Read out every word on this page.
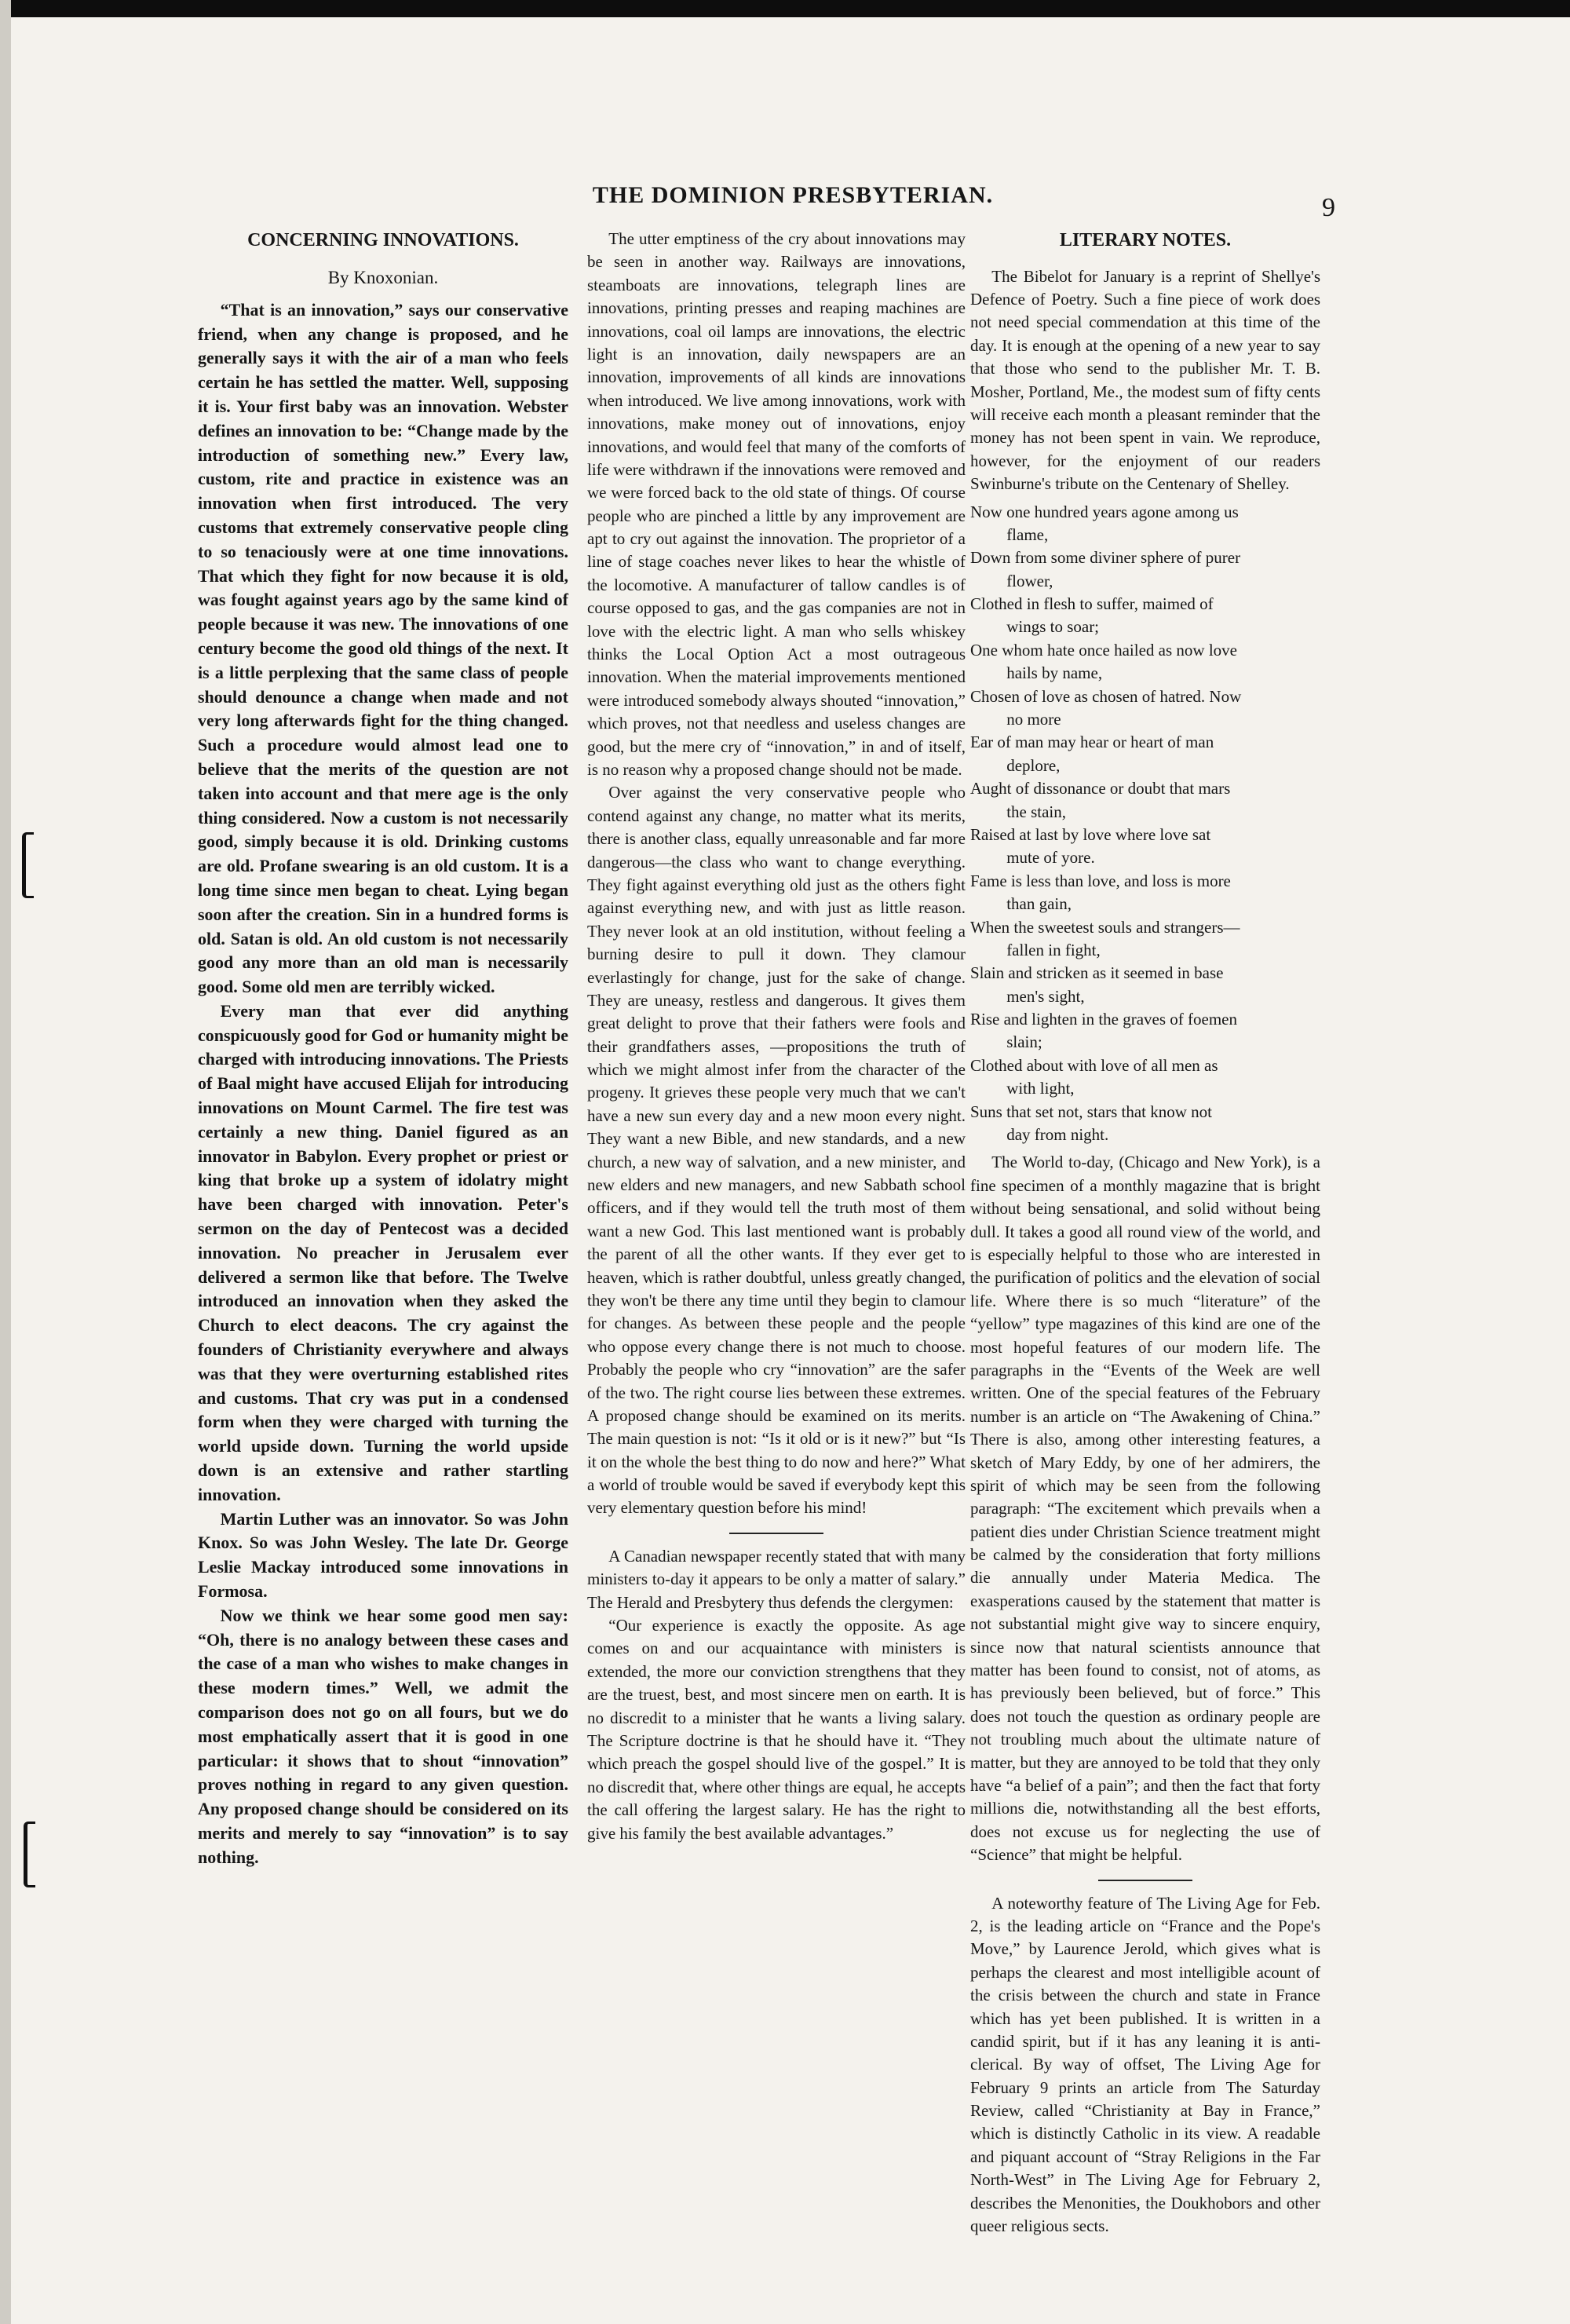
THE DOMINION PRESBYTERIAN.	9
CONCERNING INNOVATIONS.
By Knoxonian.

“That is an innovation,” says our conservative friend, when any change is proposed, and he generally says it with the air of a man who feels certain he has settled the matter. Well, supposing it is. Your first baby was an innovation. Webster defines an innovation to be: “Change made by the introduction of something new.” Every law, custom, rite and practice in existence was an innovation when first introduced. The very customs that extremely conservative people cling to so tenaciously were at one time innovations. That which they fight for now because it is old, was fought against years ago by the same kind of people because it was new. The innovations of one century become the good old things of the next. It is a little perplexing that the same class of people should denounce a change when made and not very long afterwards fight for the thing changed. Such a procedure would almost lead one to believe that the merits of the question are not taken into account and that mere age is the only thing considered. Now a custom is not necessarily good, simply because it is old. Drinking customs are old. Profane swearing is an old custom. It is a long time since men began to cheat. Lying began soon after the creation. Sin in a hundred forms is old. Satan is old. An old custom is not necessarily good any more than an old man is necessarily good. Some old men are terribly wicked.

Every man that ever did anything conspicuously good for God or humanity might be charged with introducing innovations. The Priests of Baal might have accused Elijah for introducing innovations on Mount Carmel. The fire test was certainly a new thing. Daniel figured as an innovator in Babylon. Every prophet or priest or king that broke up a system of idolatry might have been charged with innovation. Peter's sermon on the day of Pentecost was a decided innovation. No preacher in Jerusalem ever delivered a sermon like that before. The Twelve introduced an innovation when they asked the Church to elect deacons. The cry against the founders of Christianity everywhere and always was that they were overturning established rites and customs. That cry was put in a condensed form when they were charged with turning the world upside down. Turning the world upside down is an extensive and rather startling innovation.

Martin Luther was an innovator. So was John Knox. So was John Wesley. The late Dr. George Leslie Mackay introduced some innovations in Formosa.

Now we think we hear some good men say: “Oh, there is no analogy between these cases and the case of a man who wishes to make changes in these modern times.” Well, we admit the comparison does not go on all fours, but we do most emphatically assert that it is good in one particular: it shows that to shout “innovation” proves nothing in regard to any given question. Any proposed change should be considered on its merits and merely to say “innovation” is to say nothing.

The utter emptiness of the cry about innovations may be seen in another way. Railways are innovations, steamboats are innovations, telegraph lines are innovations, printing presses and reaping machines are innovations, coal oil lamps are innovations, the electric light is an innovation, daily newspapers are an innovation, improvements of all kinds are innovations when introduced. We live among innovations, work with innovations, make money out of innovations, enjoy innovations, and would feel that many of the comforts of life were withdrawn if the innovations were removed and we were forced back to the old state of things. Of course people who are pinched a little by any improvement are apt to cry out against the innovation. The proprietor of a line of stage coaches never likes to hear the whistle of the locomotive. A manufacturer of tallow candles is of course opposed to gas, and the gas companies are not in love with the electric light. A man who sells whiskey thinks the Local Option Act a most outrageous innovation. When the material improvements mentioned were introduced somebody always shouted “innovation,” which proves, not that needless and useless changes are good, but the mere cry of “innovation,” in and of itself, is no reason why a proposed change should not be made.

Over against the very conservative people who contend against any change, no matter what its merits, there is another class, equally unreasonable and far more dangerous—the class who want to change everything. They fight against everything old just as the others fight against everything new, and with just as little reason. They never look at an old institution, without feeling a burning desire to pull it down. They clamour everlastingly for change, just for the sake of change. They are uneasy, restless and dangerous. It gives them great delight to prove that their fathers were fools and their grandfathers asses, —propositions the truth of which we might almost infer from the character of the progeny. It grieves these people very much that we can't have a new sun every day and a new moon every night. They want a new Bible, and new standards, and a new church, a new way of salvation, and a new minister, and new elders and new managers, and new Sabbath school officers, and if they would tell the truth most of them want a new God. This last mentioned want is probably the parent of all the other wants. If they ever get to heaven, which is rather doubtful, unless greatly changed, they won't be there any time until they begin to clamour for changes. As between these people and the people who oppose every change there is not much to choose. Probably the people who cry “innovation” are the safer of the two. The right course lies between these extremes. A proposed change should be examined on its merits. The main question is not: “Is it old or is it new?” but “Is it on the whole the best thing to do now and here?” What a world of trouble would be saved if everybody kept this very elementary question before his mind!

A Canadian newspaper recently stated that with many ministers to-day it appears to be only a matter of salary.” The Herald and Presbytery thus defends the clergymen:

“Our experience is exactly the opposite. As age comes on and our acquaintance with ministers is extended, the more our conviction strengthens that they are the truest, best, and most sincere men on earth. It is no discredit to a minister that he wants a living salary. The Scripture doctrine is that he should have it. “They which preach the gospel should live of the gospel.” It is no discredit that, where other things are equal, he accepts the call offering the largest salary. He has the right to give his family the best available advantages.”

LITERARY NOTES.

The Bibelot for January is a reprint of Shellye's Defence of Poetry. Such a fine piece of work does not need special commendation at this time of the day. It is enough at the opening of a new year to say that those who send to the publisher Mr. T. B. Mosher, Portland, Me., the modest sum of fifty cents will receive each month a pleasant reminder that the money has not been spent in vain. We reproduce, however, for the enjoyment of our readers Swinburne's tribute on the Centenary of Shelley.

Now one hundred years agone among us
flame,
Down from some diviner sphere of purer
flower,
Clothed in flesh to suffer, maimed of
wings to soar;
One whom hate once hailed as now love
hails by name,
Chosen of love as chosen of hatred. Now
no more
Ear of man may hear or heart of man
deplore,
Aught of dissonance or doubt that mars
the stain,
Raised at last by love where love sat
mute of yore.
Fame is less than love, and loss is more
than gain,
When the sweetest souls and strangers—
fallen in fight,
Slain and stricken as it seemed in base
men's sight,
Rise and lighten in the graves of foemen
slain;
Clothed about with love of all men as
with light,
Suns that set not, stars that know not
day from night.

The World to-day, (Chicago and New York), is a fine specimen of a monthly magazine that is bright without being sensational, and solid without being dull. It takes a good all round view of the world, and is especially helpful to those who are interested in the purification of politics and the elevation of social life. Where there is so much “literature” of the “yellow” type magazines of this kind are one of the most hopeful features of our modern life. The paragraphs in the “Events of the Week are well written. One of the special features of the February number is an article on “The Awakening of China.” There is also, among other interesting features, a sketch of Mary Eddy, by one of her admirers, the spirit of which may be seen from the following paragraph: “The excitement which prevails when a patient dies under Christian Science treatment might be calmed by the consideration that forty millions die annually under Materia Medica. The exasperations caused by the statement that matter is not substantial might give way to sincere enquiry, since now that natural scientists announce that matter has been found to consist, not of atoms, as has previously been believed, but of force.” This does not touch the question as ordinary people are not troubling much about the ultimate nature of matter, but they are annoyed to be told that they only have “a belief of a pain”; and then the fact that forty millions die, notwithstanding all the best efforts, does not excuse us for neglecting the use of “Science” that might be helpful.

A noteworthy feature of The Living Age for Feb. 2, is the leading article on “France and the Pope's Move,” by Laurence Jerold, which gives what is perhaps the clearest and most intelligible acount of the crisis between the church and state in France which has yet been published. It is written in a candid spirit, but if it has any leaning it is anti-clerical. By way of offset, The Living Age for February 9 prints an article from The Saturday Review, called “Christianity at Bay in France,” which is distinctly Catholic in its view. A readable and piquant account of “Stray Religions in the Far North-West” in The Living Age for February 2, describes the Menonities, the Doukhobors and other queer religious sects.
